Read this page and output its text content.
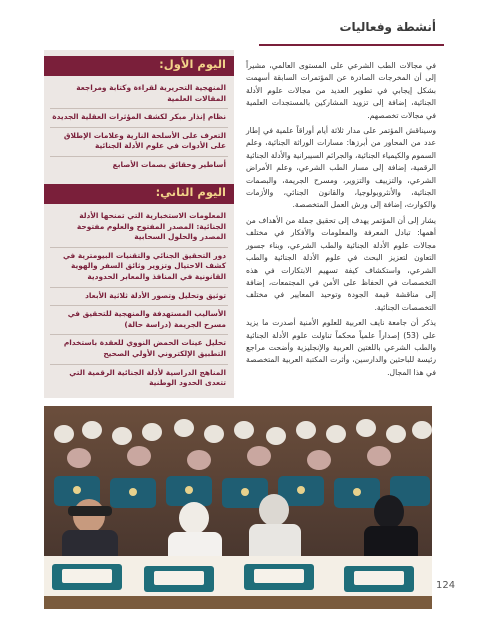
أنشطة وفعاليات

في مجالات الطب الشرعي على المستوى العالمي، مشيراً إلى أن المخرجات الصادرة عن المؤتمرات السابقة أسهمت بشكل إيجابي في تطوير العديد من مجالات علوم الأدلة الجنائية، إضافة إلى تزويد المشاركين بالمستجدات العلمية في مجالات تخصصهم.

وسيناقش المؤتمر على مدار ثلاثة أيام أوراقاً علمية في إطار عدد من المحاور من أبرزها: مسارات الوراثة الجنائية، وعلم السموم والكيمياء الجنائية، والجرائم السيبرانية والأدلة الجنائية الرقمية، إضافة إلى مسار الطب الشرعي، وعلم الأمراض الشرعي، والتزييف والتزوير، ومسرح الجريمة، والبصمات الجنائية، والأنثروبولوجيا، والقانون الجنائي، والأزمات والكوارث، إضافة إلى ورش العمل المتخصصة.

يشار إلى أن المؤتمر يهدف إلى تحقيق جملة من الأهداف من أهمها: تبادل المعرفة والمعلومات والأفكار في مختلف مجالات علوم الأدلة الجنائية والطب الشرعي، وبناء جسور التعاون لتعزيز البحث في علوم الأدلة الجنائية والطب الشرعي، واستكشاف كيفة تسهيم الابتكارات في هذه التخصصات في الحفاظ على الأمن في المجتمعات، إضافة إلى مناقشة قيمة الجودة وتوحيد المعايير في مختلف التخصصات الجنائية.

يذكر أن جامعة نايف العربية للعلوم الأمنية أصدرت ما يزيد على (53) إصداراً علمياً محكماً تناولت علوم الأدلة الجنائية والطب الشرعي باللغتين العربية والإنجليزية وأضحت مراجع رئيسة للباحثين والدارسين، وأثرت المكتبة العربية المتخصصة في هذا المجال.

اليوم الأول:
المنهجية التحريرية لقراءة وكتابة ومراجعة المقالات العلمية
نظام إنذار مبكر لكشف المؤثرات العقلية الجديدة
التعرف على الأسلحة النارية وعلامات الإطلاق على الأدوات في علوم الأدلة الجنائية
أساطير وحقائق بصمات الأصابع
اليوم الثاني:
المعلومات الاستخبارية التي تمنحها الأدلة الجنائية: المصدر المفتوح والعلوم مفتوحة المصدر والحلول السحابية
دور التحقيق الجنائي والتقنيات البيومترية في كشف الاحتيال وتزوير وثائق السفر والهوية القانونية في المنافذ والمعابر الحدودية
توثيق وتحليل وتصور الأدلة ثلاثية الأبعاد
الأساليب المستهدفة والمنهجية للتحقيق في مسرح الجريمة (دراسة حالة)
تحليل عينات الحمض النووي للعقدة باستخدام التطبيق الإلكتروني الأولي الصحيح
المناهج الدراسية لأدلة الجنائية الرقمية التي تتعدى الحدود الوطنية
124
